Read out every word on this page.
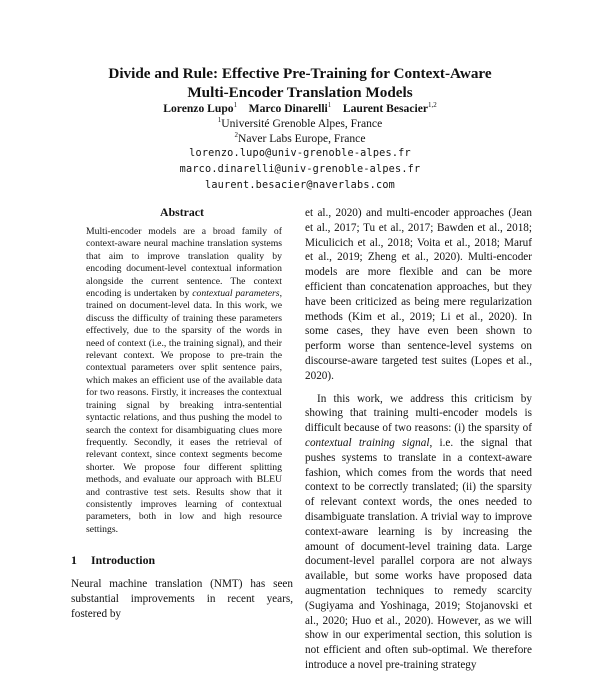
Divide and Rule: Effective Pre-Training for Context-Aware
Multi-Encoder Translation Models
Lorenzo Lupo$^1$ Marco Dinarelli$^1$ Laurent Besacier$^{1,2}$
$^1$Université Grenoble Alpes, France
$^2$Naver Labs Europe, France
lorenzo.lupo@univ-grenoble-alpes.fr
marco.dinarelli@univ-grenoble-alpes.fr
laurent.besacier@naverlabs.com
Abstract
Multi-encoder models are a broad family of context-aware neural machine translation systems that aim to improve translation quality by encoding document-level contextual information alongside the current sentence. The context encoding is undertaken by contextual parameters, trained on document-level data. In this work, we discuss the difficulty of training these parameters effectively, due to the sparsity of the words in need of context (i.e., the training signal), and their relevant context. We propose to pre-train the contextual parameters over split sentence pairs, which makes an efficient use of the available data for two reasons. Firstly, it increases the contextual training signal by breaking intra-sentential syntactic relations, and thus pushing the model to search the context for disambiguating clues more frequently. Secondly, it eases the retrieval of relevant context, since context segments become shorter. We propose four different splitting methods, and evaluate our approach with BLEU and contrastive test sets. Results show that it consistently improves learning of contextual parameters, both in low and high resource settings.
1 Introduction
Neural machine translation (NMT) has seen substantial improvements in recent years, fostered by

et al., 2020) and multi-encoder approaches (Jean et al., 2017; Tu et al., 2017; Bawden et al., 2018; Miculicich et al., 2018; Voita et al., 2018; Maruf et al., 2019; Zheng et al., 2020). Multi-encoder models are more flexible and can be more efficient than concatenation approaches, but they have been criticized as being mere regularization methods (Kim et al., 2019; Li et al., 2020). In some cases, they have even been shown to perform worse than sentence-level systems on discourse-aware targeted test suites (Lopes et al., 2020).

In this work, we address this criticism by showing that training multi-encoder models is difficult because of two reasons: (i) the sparsity of contextual training signal, i.e. the signal that pushes systems to translate in a context-aware fashion, which comes from the words that need context to be correctly translated; (ii) the sparsity of relevant context words, the ones needed to disambiguate translation. A trivial way to improve context-aware learning is by increasing the amount of document-level training data. Large document-level parallel corpora are not always available, but some works have proposed data augmentation techniques to remedy scarcity (Sugiyama and Yoshinaga, 2019; Stojanovski et al., 2020; Huo et al., 2020). However, as we will show in our experimental section, this solution is not efficient and often sub-optimal. We therefore introduce a novel pre-training strategy
